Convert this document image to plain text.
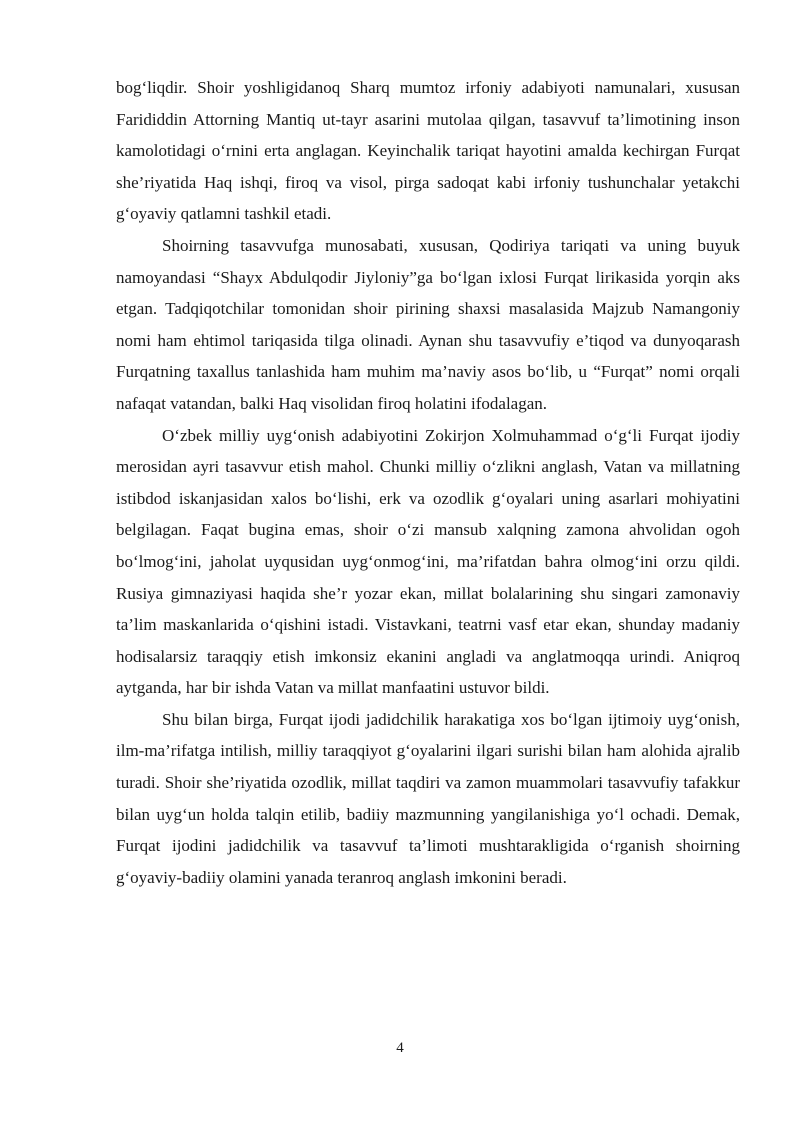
bog‘liqdir. Shoir yoshligidanoq Sharq mumtoz irfoniy adabiyoti namunalari, xususan Farididdin Attorning Mantiq ut-tayr asarini mutolaa qilgan, tasavvuf ta’limotining inson kamolotidagi o‘rnini erta anglagan. Keyinchalik tariqat hayotini amalda kechirgan Furqat she’riyatida Haq ishqi, firoq va visol, pirga sadoqat kabi irfoniy tushunchalar yetakchi g‘oyaviy qatlamni tashkil etadi.

Shoirning tasavvufga munosabati, xususan, Qodiriya tariqati va uning buyuk namoyandasi “Shayx Abdulqodir Jiyloniy”ga bo‘lgan ixlosi Furqat lirikasida yorqin aks etgan. Tadqiqotchilar tomonidan shoir pirining shaxsi masalasida Majzub Namangoniy nomi ham ehtimol tariqasida tilga olinadi. Aynan shu tasavvufiy e’tiqod va dunyoqarash Furqatning taxallus tanlashida ham muhim ma’naviy asos bo‘lib, u “Furqat” nomi orqali nafaqat vatandan, balki Haq visolidan firoq holatini ifodalagan.

O‘zbek milliy uyg‘onish adabiyotini Zokirjon Xolmuhammad o‘g‘li Furqat ijodiy merosidan ayri tasavvur etish mahol. Chunki milliy o‘zlikni anglash, Vatan va millatning istibdod iskanjasidan xalos bo‘lishi, erk va ozodlik g‘oyalari uning asarlari mohiyatini belgilagan. Faqat bugina emas, shoir o‘zi mansub xalqning zamona ahvolidan ogoh bo‘lmog‘ini, jaholat uyqusidan uyg‘onmog‘ini, ma’rifatdan bahra olmog‘ini orzu qildi. Rusiya gimnaziyasi haqida she’r yozar ekan, millat bolalarining shu singari zamonaviy ta’lim maskanlarida o‘qishini istadi. Vistavkani, teatrni vasf etar ekan, shunday madaniy hodisalarsiz taraqqiy etish imkonsiz ekanini angladi va anglatmoqqa urindi. Aniqroq aytganda, har bir ishda Vatan va millat manfaatini ustuvor bildi.

Shu bilan birga, Furqat ijodi jadidchilik harakatiga xos bo‘lgan ijtimoiy uyg‘onish, ilm-ma’rifatga intilish, milliy taraqqiyot g‘oyalarini ilgari surishi bilan ham alohida ajralib turadi. Shoir she’riyatida ozodlik, millat taqdiri va zamon muammolari tasavvufiy tafakkur bilan uyg‘un holda talqin etilib, badiiy mazmunning yangilanishiga yo‘l ochadi. Demak, Furqat ijodini jadidchilik va tasavvuf ta’limoti mushtarakligida o‘rganish shoirning g‘oyaviy-badiiy olamini yanada teranroq anglash imkonini beradi.

4
